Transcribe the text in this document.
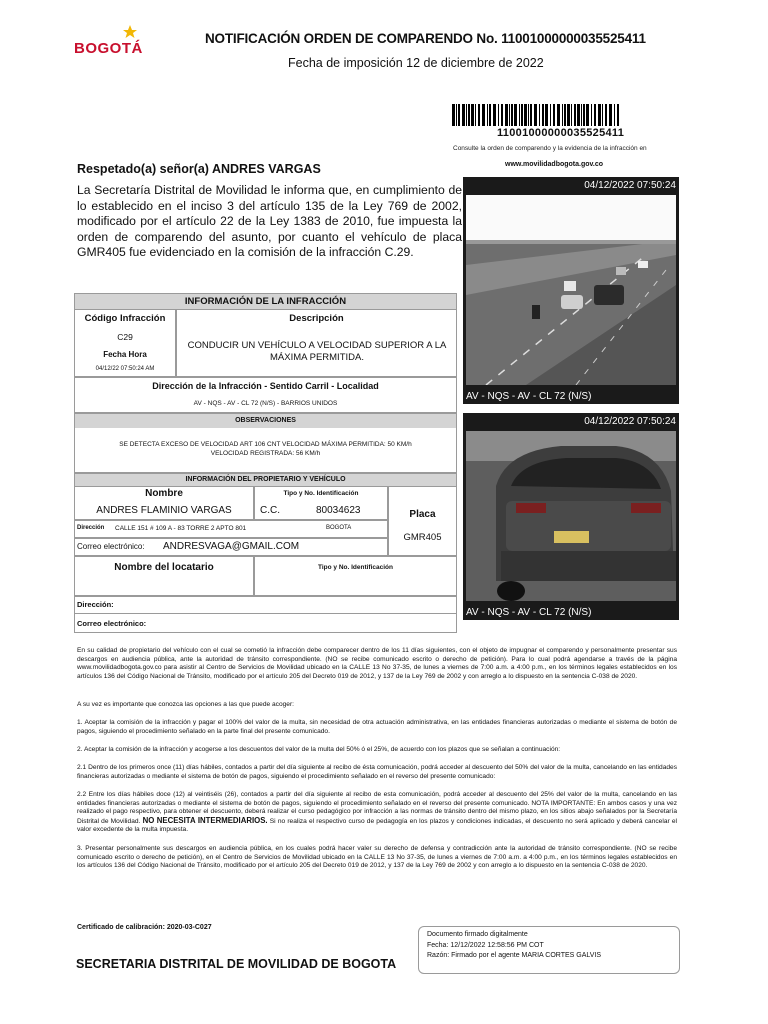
BOGOTÁ
NOTIFICACIÓN ORDEN DE COMPARENDO No. 11001000000035525411
Fecha de imposición 12 de diciembre de 2022
11001000000035525411
Consulte la orden de comparendo y la evidencia de la infracción en
www.movilidadbogota.gov.co
Respetado(a) señor(a) ANDRES VARGAS
La Secretaría Distrital de Movilidad le informa que, en cumplimiento de lo establecido en el inciso 3 del artículo 135 de la Ley 769 de 2002, modificado por el artículo 22 de la Ley 1383 de 2010, fue impuesta la orden de comparendo del asunto, por cuanto el vehículo de placa GMR405 fue evidenciado en la comisión de la infracción C.29.
04/12/2022 07:50:24
AV - NQS - AV - CL 72 (N/S)
04/12/2022 07:50:24
AV - NQS - AV - CL 72 (N/S)
INFORMACIÓN DE LA INFRACCIÓN
Código Infracción
C29
Fecha Hora
04/12/22 07:50:24 AM
Descripción
CONDUCIR UN VEHÍCULO A VELOCIDAD SUPERIOR A LA MÁXIMA PERMITIDA.
Dirección de la Infracción - Sentido Carril - Localidad
AV - NQS - AV - CL 72 (N/S) - BARRIOS UNIDOS
OBSERVACIONES
SE DETECTA EXCESO DE VELOCIDAD ART 106 CNT VELOCIDAD MÁXIMA PERMITIDA: 50 KM/h
VELOCIDAD REGISTRADA: 56 KM/h
INFORMACIÓN DEL PROPIETARIO Y VEHÍCULO
Nombre
ANDRES FLAMINIO VARGAS
Tipo y No. Identificación
C.C.	80034623	Placa
GMR405
Dirección CALLE 151 # 109 A - 83 TORRE 2 APTO 801	BOGOTA
Correo electrónico: ANDRESVAGA@GMAIL.COM
Nombre del locatario	Tipo y No. Identificación
Dirección:
Correo electrónico:
En su calidad de propietario del vehículo con el cual se cometió la infracción debe comparecer dentro de los 11 días siguientes, con el objeto de impugnar el comparendo y personalmente presentar sus descargos en audiencia pública, ante la autoridad de tránsito correspondiente. (NO se recibe comunicado escrito o derecho de petición). Para lo cual podrá agendarse a través de la página www.movilidadbogota.gov.co para asistir al Centro de Servicios de Movilidad ubicado en la CALLE 13 No 37-35, de lunes a viernes de 7:00 a.m. a 4:00 p.m., en los términos legales establecidos en los artículos 136 del Código Nacional de Tránsito, modificado por el artículo 205 del Decreto 019 de 2012, y 137 de la Ley 769 de 2002 y con arreglo a lo dispuesto en la sentencia C-038 de 2020.
A su vez es importante que conozca las opciones a las que puede acoger:
1. Aceptar la comisión de la infracción y pagar el 100% del valor de la multa, sin necesidad de otra actuación administrativa, en las entidades financieras autorizadas o mediante el sistema de botón de pagos, siguiendo el procedimiento señalado en la parte final del presente comunicado.
2. Aceptar la comisión de la infracción y acogerse a los descuentos del valor de la multa del 50% ó el 25%, de acuerdo con los plazos que se señalan a continuación:
2.1 Dentro de los primeros once (11) días hábiles, contados a partir del día siguiente al recibo de ésta comunicación, podrá acceder al descuento del 50% del valor de la multa, cancelando en las entidades financieras autorizadas o mediante el sistema de botón de pagos, siguiendo el procedimiento señalado en el reverso del presente comunicado:
2.2 Entre los días hábiles doce (12) al veintiséis (26), contados a partir del día siguiente al recibo de esta comunicación, podrá acceder al descuento del 25% del valor de la multa, cancelando en las entidades financieras autorizadas o mediante el sistema de botón de pagos, siguiendo el procedimiento señalado en el reverso del presente comunicado. NOTA IMPORTANTE: En ambos casos y una vez realizado el pago respectivo, para obtener el descuento, deberá realizar el curso pedagógico por infracción a las normas de tránsito dentro del mismo plazo, en los sitios abajo señalados por la Secretaría Distrital de Movilidad. NO NECESITA INTERMEDIARIOS. Si no realiza el respectivo curso de pedagogía en los plazos y condiciones indicadas, el descuento no será aplicado y deberá cancelar el valor excedente de la multa impuesta.
3. Presentar personalmente sus descargos en audiencia pública, en los cuales podrá hacer valer su derecho de defensa y contradicción ante la autoridad de tránsito correspondiente. (NO se recibe comunicado escrito o derecho de petición), en el Centro de Servicios de Movilidad ubicado en la CALLE 13 No 37-35, de lunes a viernes de 7:00 a.m. a 4:00 p.m., en los términos legales establecidos en los artículos 136 del Código Nacional de Tránsito, modificado por el artículo 205 del Decreto 019 de 2012, y 137 de la Ley 769 de 2002 y con arreglo a lo dispuesto en la sentencia C-038 de 2020.
Certificado de calibración: 2020-03-C027
Documento firmado digitalmente
Fecha: 12/12/2022 12:58:56 PM COT
Razón: Firmado por el agente MARIA CORTES GALVIS
SECRETARIA DISTRITAL DE MOVILIDAD DE BOGOTA
